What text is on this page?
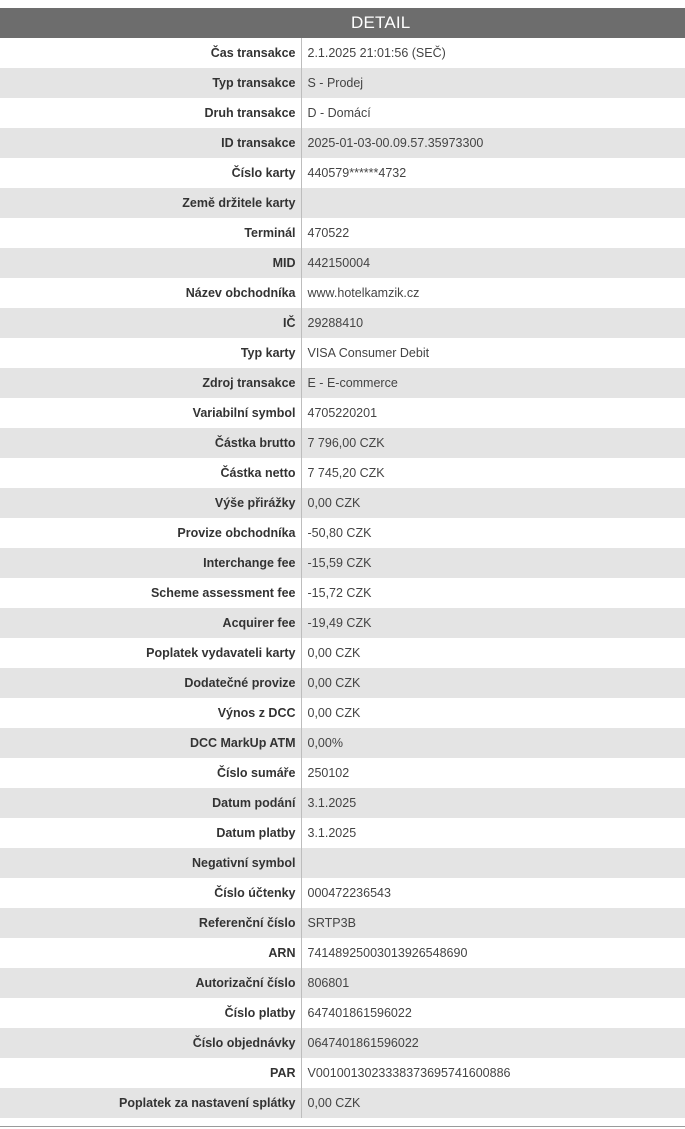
DETAIL
Čas transakce	2.1.2025 21:01:56 (SEČ)
Typ transakce	S - Prodej
Druh transakce	D - Domácí
ID transakce	2025-01-03-00.09.57.35973300
Číslo karty	440579******4732
Země držitele karty	
Terminál	470522
MID	442150004
Název obchodníka	www.hotelkamzik.cz
IČ	29288410
Typ karty	VISA Consumer Debit
Zdroj transakce	E - E-commerce
Variabilní symbol	4705220201
Částka brutto	7 796,00 CZK
Částka netto	7 745,20 CZK
Výše přirážky	0,00 CZK
Provize obchodníka	-50,80 CZK
Interchange fee	-15,59 CZK
Scheme assessment fee	-15,72 CZK
Acquirer fee	-19,49 CZK
Poplatek vydavateli karty	0,00 CZK
Dodatečné provize	0,00 CZK
Výnos z DCC	0,00 CZK
DCC MarkUp ATM	0,00%
Číslo sumáře	250102
Datum podání	3.1.2025
Datum platby	3.1.2025
Negativní symbol	
Číslo účtenky	000472236543
Referenční číslo	SRTP3B
ARN	74148925003013926548690
Autorizační číslo	806801
Číslo platby	647401861596022
Číslo objednávky	0647401861596022
PAR	V0010013023338373695741600886
Poplatek za nastavení splátky	0,00 CZK
